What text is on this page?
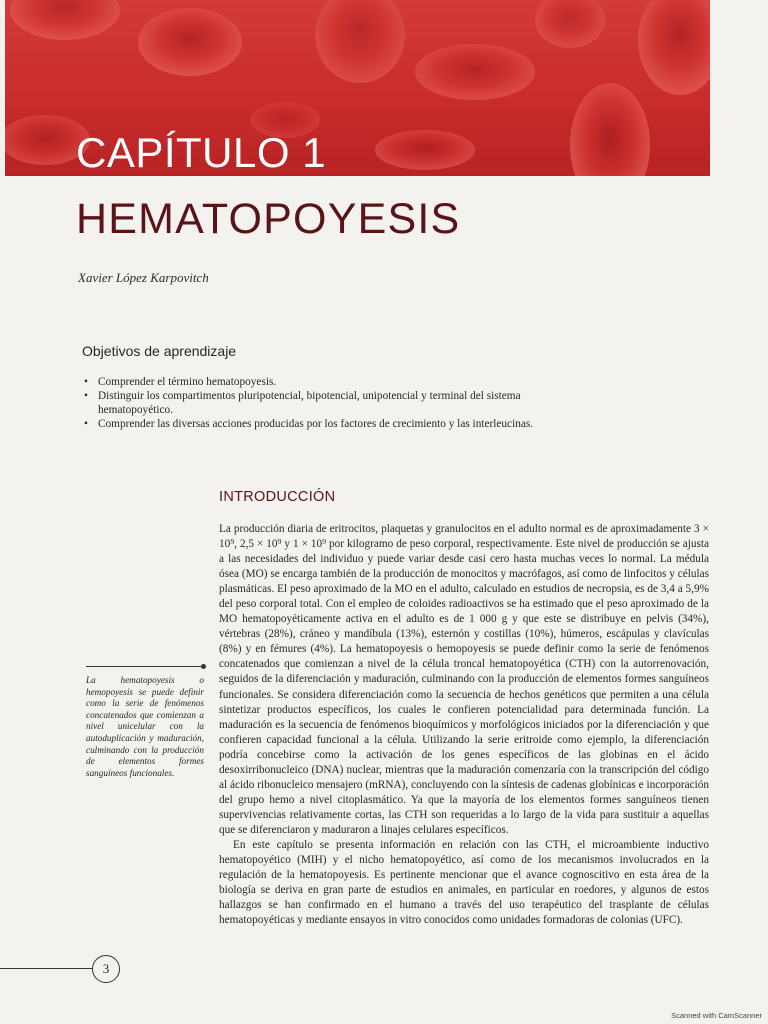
CAPÍTULO 1
HEMATOPOYESIS
Xavier López Karpovitch
Objetivos de aprendizaje
• Comprender el término hematopoyesis.
• Distinguir los compartimentos pluripotencial, bipotencial, unipotencial y terminal del sistema hematopoyético.
• Comprender las diversas acciones producidas por los factores de crecimiento y las interleucinas.
INTRODUCCIÓN

La producción diaria de eritrocitos, plaquetas y granulocitos en el adulto normal es de aproximadamente 3 × 10⁹, 2,5 × 10⁹ y 1 × 10⁹ por kilogramo de peso corporal, respectivamente. Este nivel de producción se ajusta a las necesidades del individuo y puede variar desde casi cero hasta muchas veces lo normal. La médula ósea (MO) se encarga también de la producción de monocitos y macrófagos, así como de linfocitos y células plasmáticas. El peso aproximado de la MO en el adulto, calculado en estudios de necropsia, es de 3,4 a 5,9% del peso corporal total. Con el empleo de coloides radioactivos se ha estimado que el peso aproximado de la MO hematopoyéticamente activa en el adulto es de 1 000 g y que este se distribuye en pelvis (34%), vértebras (28%), cráneo y mandíbula (13%), esternón y costillas (10%), húmeros, escápulas y clavículas (8%) y en fémures (4%). La hematopoyesis o hemopoyesis se puede definir como la serie de fenómenos concatenados que comienzan a nivel de la célula troncal hematopoyética (CTH) con la autorrenovación, seguidos de la diferenciación y maduración, culminando con la producción de elementos formes sanguíneos funcionales. Se considera diferenciación como la secuencia de hechos genéticos que permiten a una célula sintetizar productos específicos, los cuales le confieren potencialidad para determinada función. La maduración es la secuencia de fenómenos bioquímicos y morfológicos iniciados por la diferenciación y que confieren capacidad funcional a la célula. Utilizando la serie eritroide como ejemplo, la diferenciación podría concebirse como la activación de los genes específicos de las globinas en el ácido desoxirribonucleico (DNA) nuclear, mientras que la maduración comenzaría con la transcripción del código al ácido ribonucleico mensajero (mRNA), concluyendo con la síntesis de cadenas globínicas e incorporación del grupo hemo a nivel citoplasmático. Ya que la mayoría de los elementos formes sanguíneos tienen supervivencias relativamente cortas, las CTH son requeridas a lo largo de la vida para sustituir a aquellas que se diferenciaron y maduraron a linajes celulares específicos.

En este capítulo se presenta información en relación con las CTH, el microambiente inductivo hematopoyético (MIH) y el nicho hematopoyético, así como de los mecanismos involucrados en la regulación de la hematopoyesis. Es pertinente mencionar que el avance cognoscitivo en esta área de la biología se deriva en gran parte de estudios en animales, en particular en roedores, y algunos de estos hallazgos se han confirmado en el humano a través del uso terapéutico del trasplante de células hematopoyéticas y mediante ensayos in vitro conocidos como unidades formadoras de colonias (UFC).

La hematopoyesis o hemopoyesis se puede definir como la serie de fenómenos concatenados que comienzan a nivel unicelular con la autoduplicación y maduración, culminando con la producción de elementos formes sanguíneos funcionales.
3
Scanned with CamScanner
